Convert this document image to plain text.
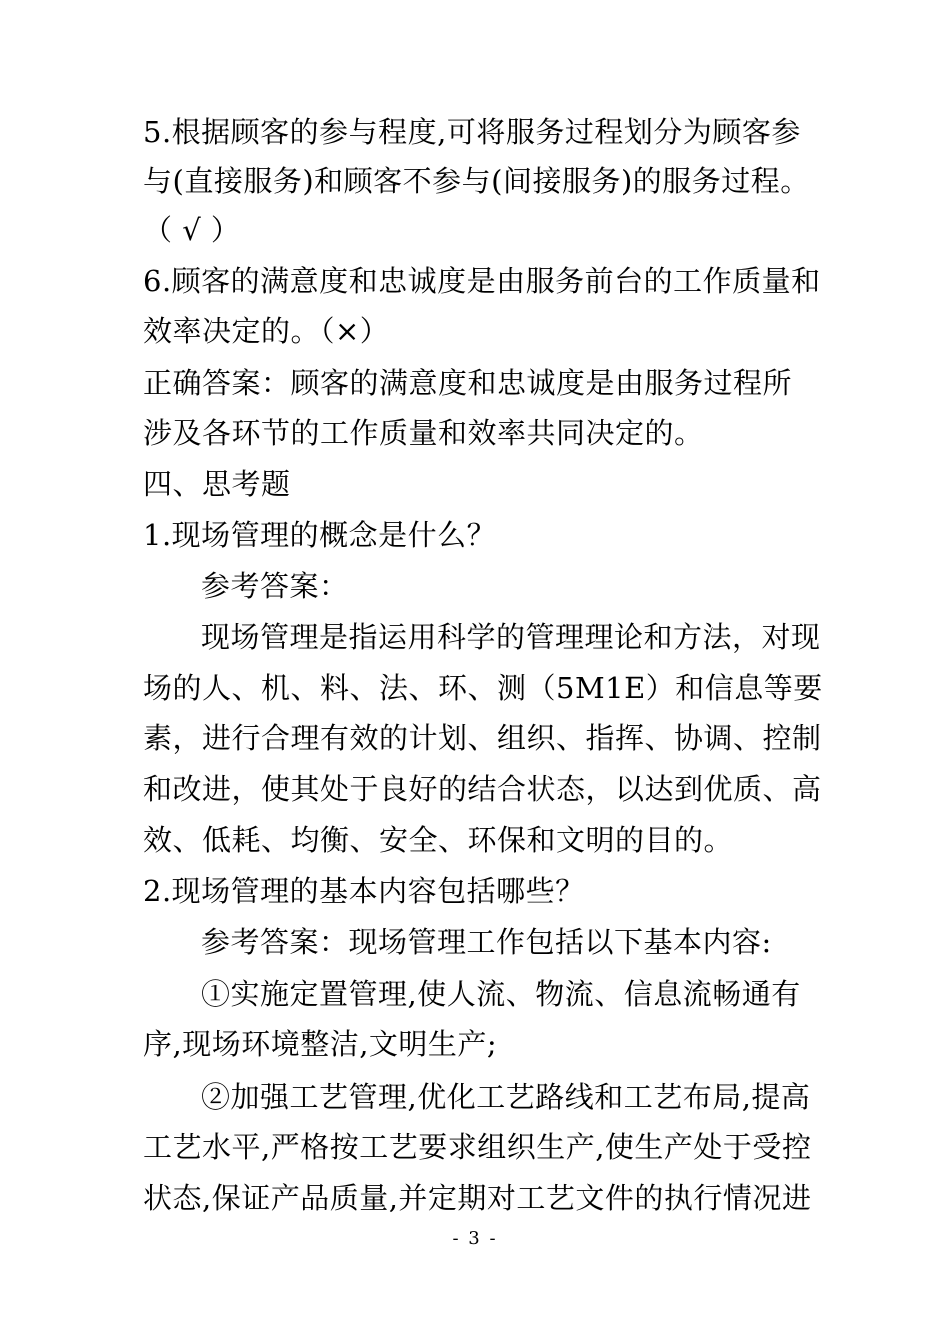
5.根据顾客的参与程度,可将服务过程划分为顾客参
与(直接服务)和顾客不参与(间接服务)的服务过程。
（ √ ）
6.顾客的满意度和忠诚度是由服务前台的工作质量和
效率决定的。（×）
正确答案：顾客的满意度和忠诚度是由服务过程所
涉及各环节的工作质量和效率共同决定的。
四、思考题
1.现场管理的概念是什么？
参考答案：
现场管理是指运用科学的管理理论和方法，对现
场的人、机、料、法、环、测（5M1E）和信息等要
素，进行合理有效的计划、组织、指挥、协调、控制
和改进，使其处于良好的结合状态，以达到优质、高
效、低耗、均衡、安全、环保和文明的目的。
2.现场管理的基本内容包括哪些？
参考答案：现场管理工作包括以下基本内容:
①实施定置管理,使人流、物流、信息流畅通有
序,现场环境整洁,文明生产;
②加强工艺管理,优化工艺路线和工艺布局,提高
工艺水平,严格按工艺要求组织生产,使生产处于受控
状态,保证产品质量,并定期对工艺文件的执行情况进
- 3 -
